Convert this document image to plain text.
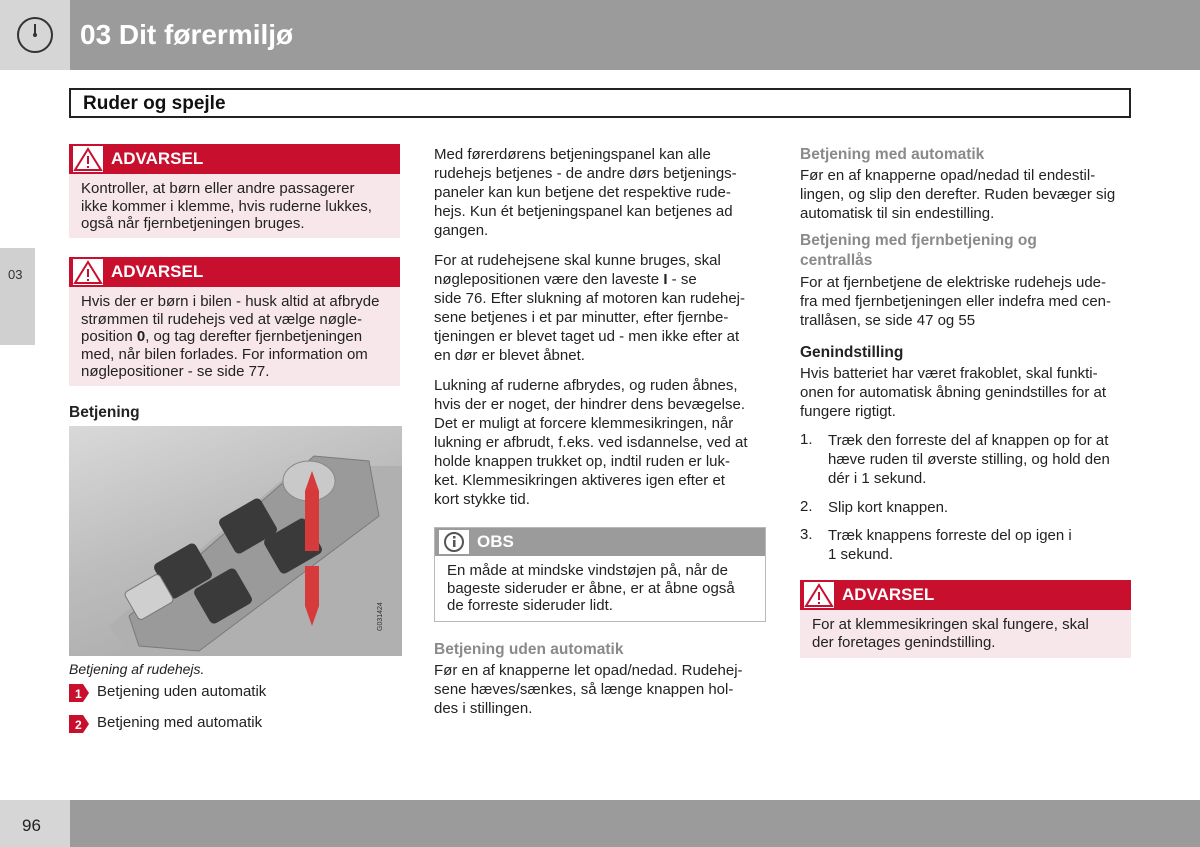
03 Dit førermiljø
Ruder og spejle
03
ADVARSEL
Kontroller, at børn eller andre passagerer
ikke kommer i klemme, hvis ruderne lukkes,
også når fjernbetjeningen bruges.
ADVARSEL
Hvis der er børn i bilen - husk altid at afbryde
strømmen til rudehejs ved at vælge nøgle-
position 0, og tag derefter fjernbetjeningen
med, når bilen forlades. For information om
nøglepositioner - se side 77.
Betjening
G031424
Betjening af rudehejs.
1 Betjening uden automatik
2 Betjening med automatik
Med førerdørens betjeningspanel kan alle
rudehejs betjenes - de andre dørs betjenings-
paneler kan kun betjene det respektive rude-
hejs. Kun ét betjeningspanel kan betjenes ad
gangen.
For at rudehejsene skal kunne bruges, skal
nøglepositionen være den laveste I - se
side 76. Efter slukning af motoren kan rudehej-
sene betjenes i et par minutter, efter fjernbe-
tjeningen er blevet taget ud - men ikke efter at
en dør er blevet åbnet.
Lukning af ruderne afbrydes, og ruden åbnes,
hvis der er noget, der hindrer dens bevægelse.
Det er muligt at forcere klemmesikringen, når
lukning er afbrudt, f.eks. ved isdannelse, ved at
holde knappen trukket op, indtil ruden er luk-
ket. Klemmesikringen aktiveres igen efter et
kort stykke tid.
OBS
En måde at mindske vindstøjen på, når de
bageste sideruder er åbne, er at åbne også
de forreste sideruder lidt.
Betjening uden automatik
Før en af knapperne let opad/nedad. Rudehej-
sene hæves/sænkes, så længe knappen hol-
des i stillingen.
Betjening med automatik
Før en af knapperne opad/nedad til endestil-
lingen, og slip den derefter. Ruden bevæger sig
automatisk til sin endestilling.
Betjening med fjernbetjening og
centrallås
For at fjernbetjene de elektriske rudehejs ude-
fra med fjernbetjeningen eller indefra med cen-
trallåsen, se side 47 og 55
Genindstilling
Hvis batteriet har været frakoblet, skal funkti-
onen for automatisk åbning genindstilles for at
fungere rigtigt.
1. Træk den forreste del af knappen op for at
hæve ruden til øverste stilling, og hold den
dér i 1 sekund.
2. Slip kort knappen.
3. Træk knappens forreste del op igen i
1 sekund.
ADVARSEL
For at klemmesikringen skal fungere, skal
der foretages genindstilling.
96
